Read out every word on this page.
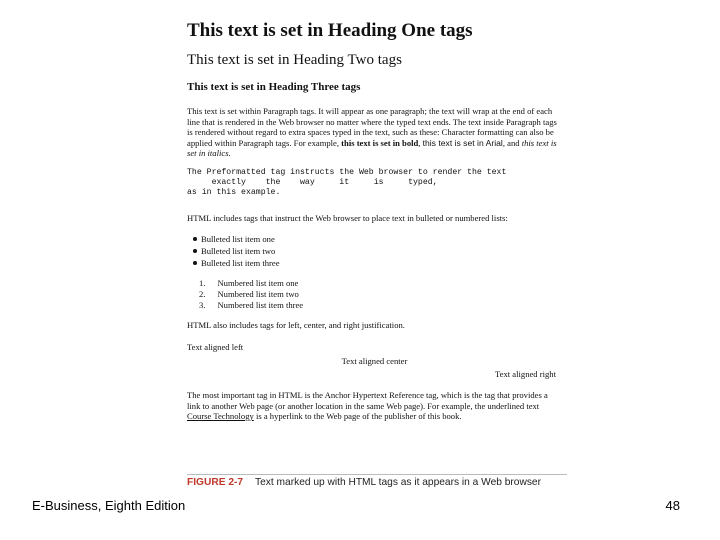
This text is set in Heading One tags
This text is set in Heading Two tags
This text is set in Heading Three tags

This text is set within Paragraph tags. It will appear as one paragraph; the text will wrap at the end of each line that is rendered in the Web browser no matter where the typed text ends. The text inside Paragraph tags is rendered without regard to extra spaces typed in the text, such as these: Character formatting can also be applied within Paragraph tags. For example, this text is set in bold, this text is set in Arial, and this text is set in italics.

The Preformatted tag instructs the Web browser to render the text
exactly    the    way     it     is     typed,
as in this example.

HTML includes tags that instruct the Web browser to place text in bulleted or numbered lists:

Bulleted list item one
Bulleted list item two
Bulleted list item three
1. Numbered list item one
2. Numbered list item two
3. Numbered list item three

HTML also includes tags for left, center, and right justification.

Text aligned left

Text aligned center

Text aligned right

The most important tag in HTML is the Anchor Hypertext Reference tag, which is the tag that provides a link to another Web page (or another location in the same Web page). For example, the underlined text Course Technology is a hyperlink to the Web page of the publisher of this book.

FIGURE 2-7 Text marked up with HTML tags as it appears in a Web browser
E-Business, Eighth Edition	48
